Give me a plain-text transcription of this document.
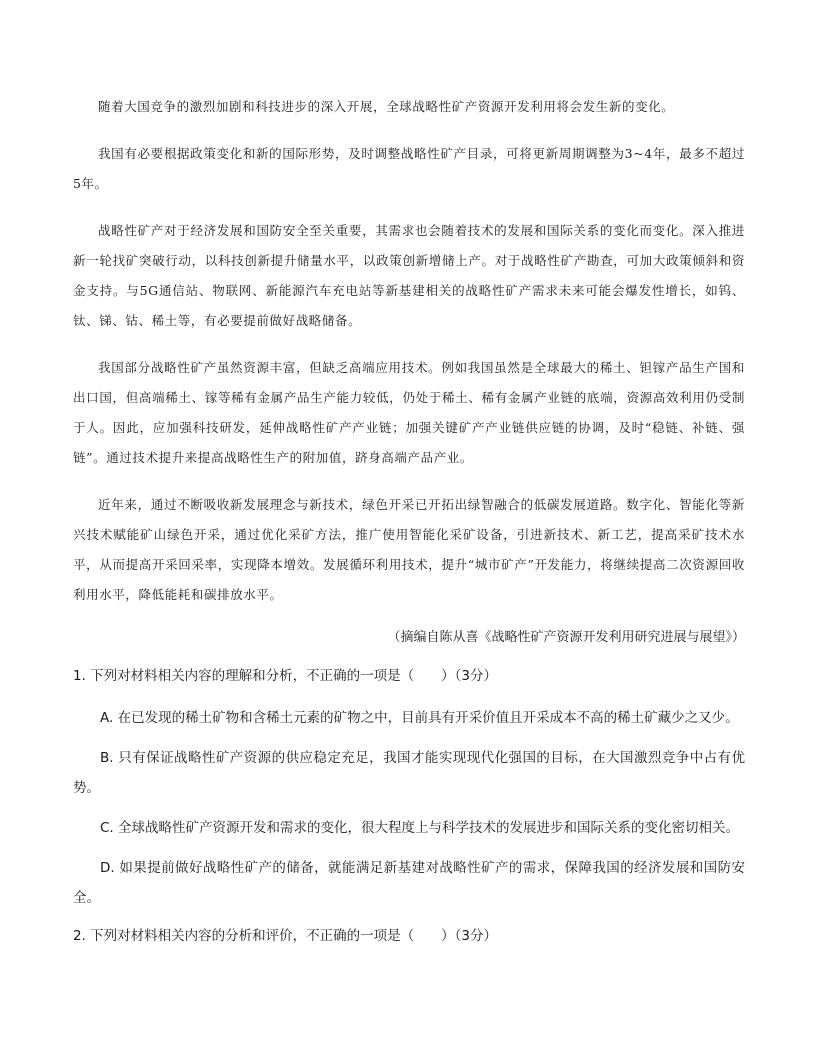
随着大国竞争的激烈加剧和科技进步的深入开展，全球战略性矿产资源开发利用将会发生新的变化。

我国有必要根据政策变化和新的国际形势，及时调整战略性矿产目录，可将更新周期调整为3~4年，最多不超过5年。

战略性矿产对于经济发展和国防安全至关重要，其需求也会随着技术的发展和国际关系的变化而变化。深入推进新一轮找矿突破行动，以科技创新提升储量水平，以政策创新增储上产。对于战略性矿产勘查，可加大政策倾斜和资金支持。与5G通信站、物联网、新能源汽车充电站等新基建相关的战略性矿产需求未来可能会爆发性增长，如钨、钛、锑、钴、稀土等，有必要提前做好战略储备。

我国部分战略性矿产虽然资源丰富，但缺乏高端应用技术。例如我国虽然是全球最大的稀土、钽镓产品生产国和出口国，但高端稀土、镓等稀有金属产品生产能力较低，仍处于稀土、稀有金属产业链的底端，资源高效利用仍受制于人。因此，应加强科技研发，延伸战略性矿产产业链；加强关键矿产产业链供应链的协调，及时“稳链、补链、强链”。通过技术提升来提高战略性生产的附加值，跻身高端产品产业。

近年来，通过不断吸收新发展理念与新技术，绿色开采已开拓出绿智融合的低碳发展道路。数字化、智能化等新兴技术赋能矿山绿色开采，通过优化采矿方法，推广使用智能化采矿设备，引进新技术、新工艺，提高采矿技术水平，从而提高开采回采率，实现降本增效。发展循环利用技术，提升“城市矿产”开发能力，将继续提高二次资源回收利用水平，降低能耗和碳排放水平。

（摘编自陈从喜《战略性矿产资源开发利用研究进展与展望》）
1. 下列对材料相关内容的理解和分析，不正确的一项是（　　）（3分）
A. 在已发现的稀土矿物和含稀土元素的矿物之中，目前具有开采价值且开采成本不高的稀土矿藏少之又少。
B. 只有保证战略性矿产资源的供应稳定充足，我国才能实现现代化强国的目标，在大国激烈竞争中占有优势。
C. 全球战略性矿产资源开发和需求的变化，很大程度上与科学技术的发展进步和国际关系的变化密切相关。
D. 如果提前做好战略性矿产的储备，就能满足新基建对战略性矿产的需求，保障我国的经济发展和国防安全。
2. 下列对材料相关内容的分析和评价，不正确的一项是（　　）（3分）
